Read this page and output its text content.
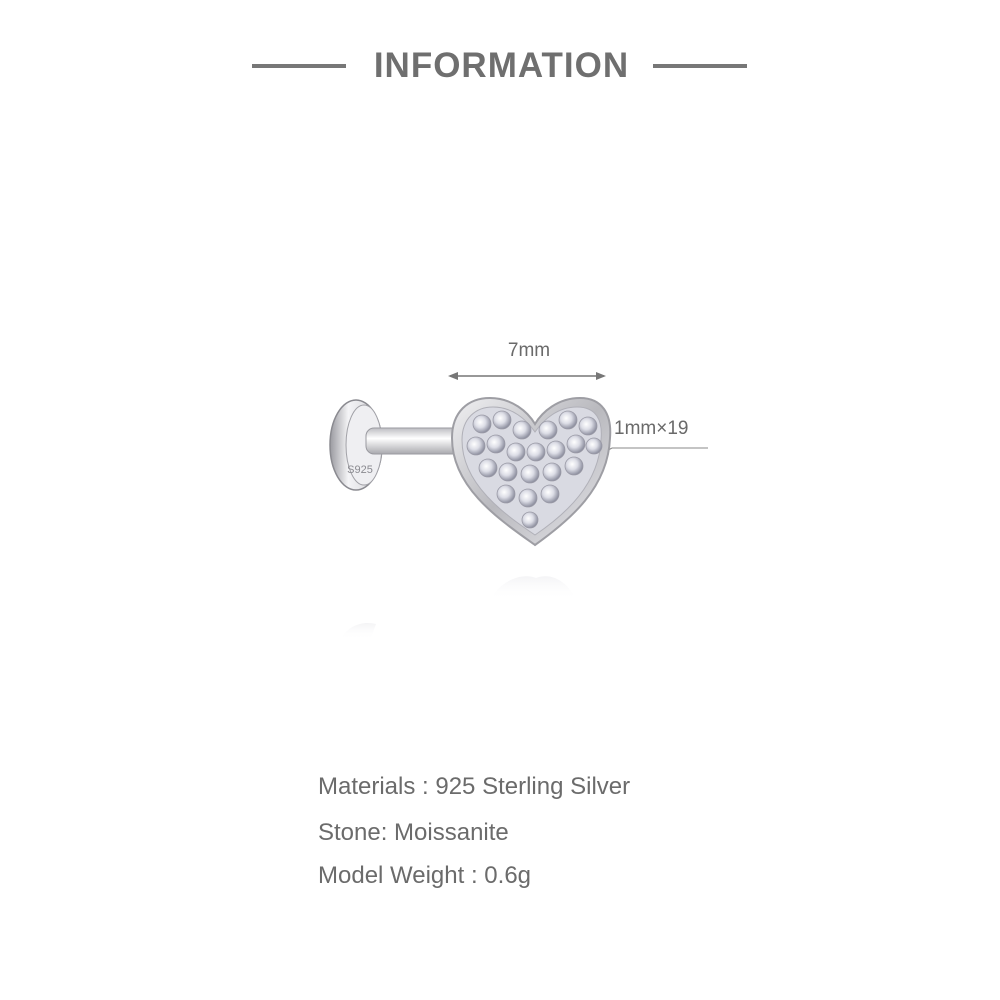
INFORMATION
S925
7mm
1mm×19
Materials : 925 Sterling Silver
Stone: Moissanite
Model Weight : 0.6g
